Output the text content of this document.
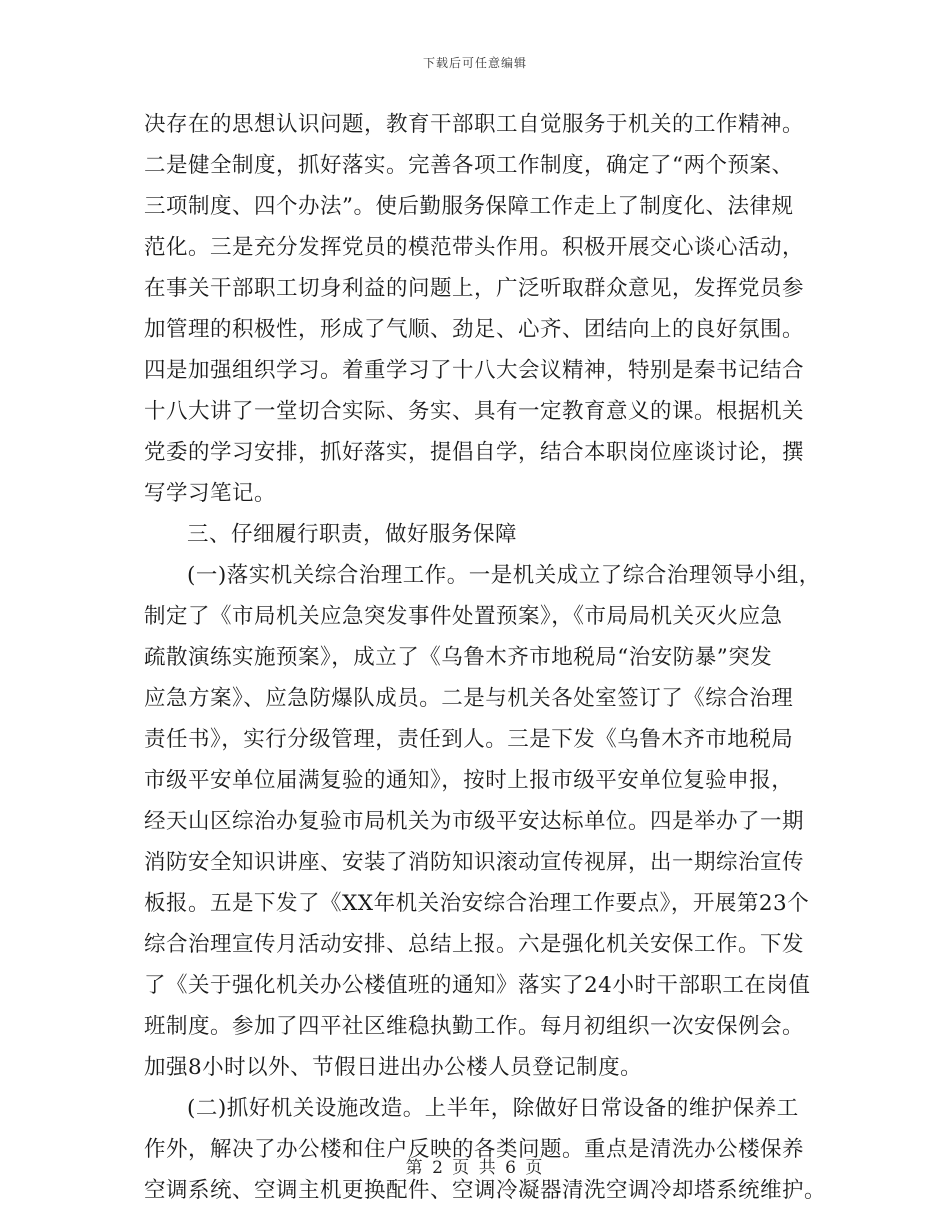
下载后可任意编辑
决存在的思想认识问题，教育干部职工自觉服务于机关的工作精神。
二是健全制度，抓好落实。完善各项工作制度，确定了“两个预案、
三项制度、四个办法”。使后勤服务保障工作走上了制度化、法律规
范化。三是充分发挥党员的模范带头作用。积极开展交心谈心活动，
在事关干部职工切身利益的问题上，广泛听取群众意见，发挥党员参
加管理的积极性，形成了气顺、劲足、心齐、团结向上的良好氛围。
四是加强组织学习。着重学习了十八大会议精神，特别是秦书记结合
十八大讲了一堂切合实际、务实、具有一定教育意义的课。根据机关
党委的学习安排，抓好落实，提倡自学，结合本职岗位座谈讨论，撰
写学习笔记。
三、仔细履行职责，做好服务保障
(一)落实机关综合治理工作。一是机关成立了综合治理领导小组，
制定了《市局机关应急突发事件处置预案》，《市局局机关灭火应急
疏散演练实施预案》，成立了《乌鲁木齐市地税局“治安防暴”突发
应急方案》、应急防爆队成员。二是与机关各处室签订了《综合治理
责任书》，实行分级管理，责任到人。三是下发《乌鲁木齐市地税局
市级平安单位届满复验的通知》，按时上报市级平安单位复验申报，
经天山区综治办复验市局机关为市级平安达标单位。四是举办了一期
消防安全知识讲座、安装了消防知识滚动宣传视屏，出一期综治宣传
板报。五是下发了《XX年机关治安综合治理工作要点》，开展第23个
综合治理宣传月活动安排、总结上报。六是强化机关安保工作。下发
了《关于强化机关办公楼值班的通知》落实了24小时干部职工在岗值
班制度。参加了四平社区维稳执勤工作。每月初组织一次安保例会。
加强8小时以外、节假日进出办公楼人员登记制度。
(二)抓好机关设施改造。上半年，除做好日常设备的维护保养工
作外，解决了办公楼和住户反映的各类问题。重点是清洗办公楼保养
空调系统、空调主机更换配件、空调冷凝器清洗空调冷却塔系统维护。
第 2 页 共 6 页
